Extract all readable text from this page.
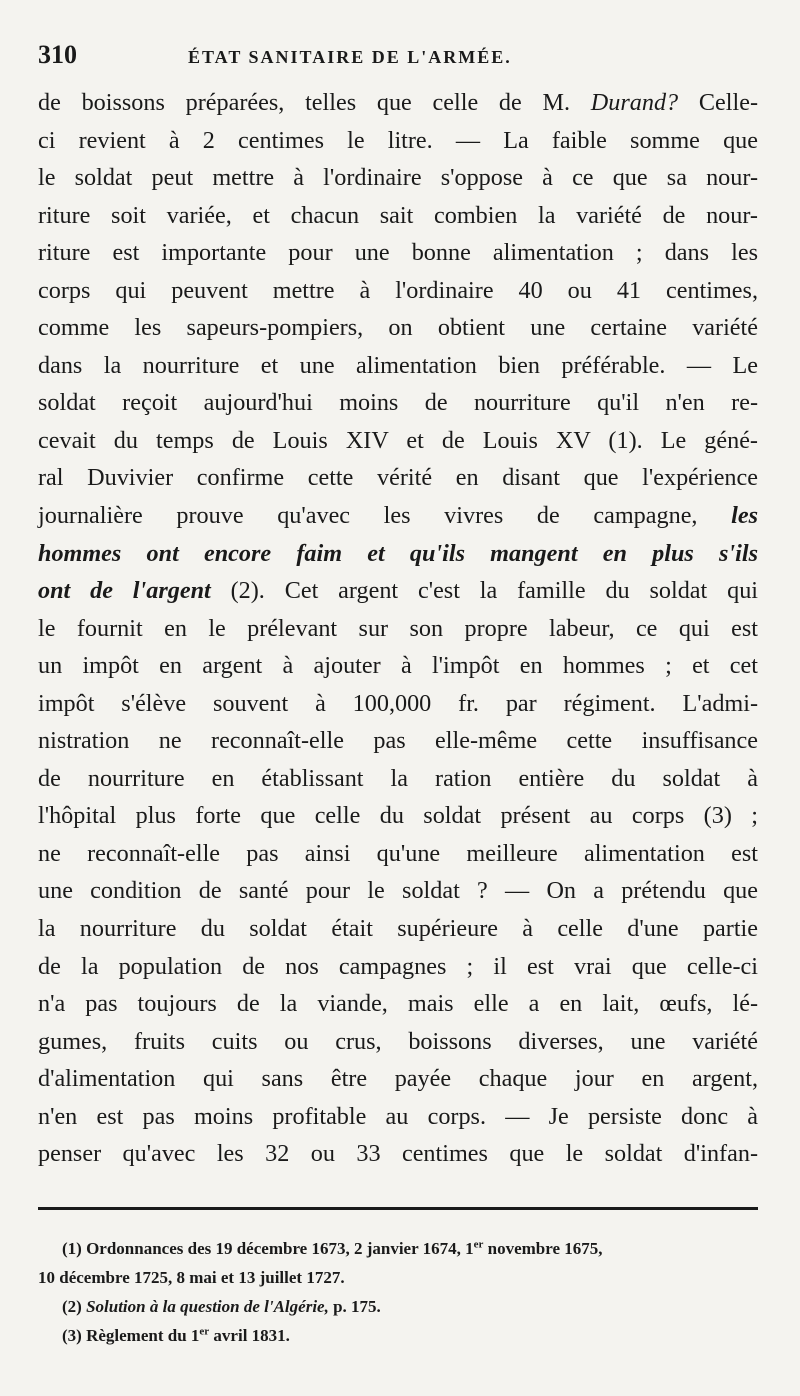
310	ÉTAT SANITAIRE DE L'ARMÉE.
de boissons préparées, telles que celle de M. Durand? Celle-
ci revient à 2 centimes le litre. — La faible somme que
le soldat peut mettre à l'ordinaire s'oppose à ce que sa nour-
riture soit variée, et chacun sait combien la variété de nour-
riture est importante pour une bonne alimentation ; dans les
corps qui peuvent mettre à l'ordinaire 40 ou 41 centimes,
comme les sapeurs-pompiers, on obtient une certaine variété
dans la nourriture et une alimentation bien préférable. — Le
soldat reçoit aujourd'hui moins de nourriture qu'il n'en re-
cevait du temps de Louis XIV et de Louis XV (1). Le géné-
ral Duvivier confirme cette vérité en disant que l'expérience
journalière prouve qu'avec les vivres de campagne, les
hommes ont encore faim et qu'ils mangent en plus s'ils
ont de l'argent (2). Cet argent c'est la famille du soldat qui
le fournit en le prélevant sur son propre labeur, ce qui est
un impôt en argent à ajouter à l'impôt en hommes ; et cet
impôt s'élève souvent à 100,000 fr. par régiment. L'admi-
nistration ne reconnaît-elle pas elle-même cette insuffisance
de nourriture en établissant la ration entière du soldat à
l'hôpital plus forte que celle du soldat présent au corps (3) ;
ne reconnaît-elle pas ainsi qu'une meilleure alimentation est
une condition de santé pour le soldat ? — On a prétendu que
la nourriture du soldat était supérieure à celle d'une partie
de la population de nos campagnes ; il est vrai que celle-ci
n'a pas toujours de la viande, mais elle a en lait, œufs, lé-
gumes, fruits cuits ou crus, boissons diverses, une variété
d'alimentation qui sans être payée chaque jour en argent,
n'en est pas moins profitable au corps. — Je persiste donc à
penser qu'avec les 32 ou 33 centimes que le soldat d'infan-
(1) Ordonnances des 19 décembre 1673, 2 janvier 1674, 1er novembre 1675,
10 décembre 1725, 8 mai et 13 juillet 1727.
(2) Solution à la question de l'Algérie, p. 175.
(3) Règlement du 1er avril 1831.
